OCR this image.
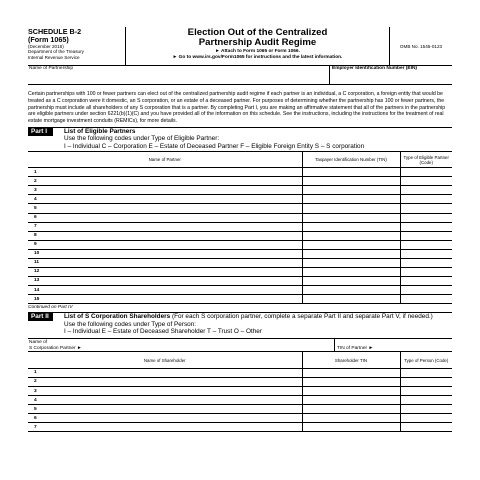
SCHEDULE B-2
(Form 1065)
(December 2018)
Department of the Treasury
Internal Revenue Service
Election Out of the Centralized
Partnership Audit Regime
► Attach to Form 1065 or Form 1066.
► Go to www.irs.gov/Form1065 for instructions and the latest information.
OMB No. 1545-0123
Name of Partnership	Employer Identification Number (EIN)
Certain partnerships with 100 or fewer partners can elect out of the centralized partnership audit regime if each partner is an individual, a C corporation, a foreign entity that would be treated as a C corporation were it domestic, an S corporation, or an estate of a deceased partner. For purposes of determining whether the partnership has 100 or fewer partners, the partnership must include all shareholders of any S corporation that is a partner. By completing Part I, you are making an affirmative statement that all of the partners in the partnership are eligible partners under section 6221(b)(1)(C) and you have provided all of the information on this schedule. See the instructions, including the instructions for the treatment of real estate mortgage investment conduits (REMICs), for more details.
Part I	List of Eligible Partners
Use the following codes under Type of Eligible Partner:
I – Individual C – Corporation E – Estate of Deceased Partner F – Eligible Foreign Entity S – S corporation
Name of Partner		Taxpayer Identification Number (TIN)	Type of Eligible Partner (Code)
1			
2			
3			
4			
5			
6			
7			
8			
9			
10			
11			
12			
13			
14			
15			
Continued on Part IV
Part II	List of S Corporation Shareholders (For each S corporation partner, complete a separate Part II and separate Part V, if needed.)
Use the following codes under Type of Person:
I – Individual E – Estate of Deceased Shareholder T – Trust O – Other
Name of
S Corporation Partner ►	TIN of Partner ►
Name of Shareholder		Shareholder TIN	Type of Person (Code)
1			
2			
3			
4			
5			
6			
7			
